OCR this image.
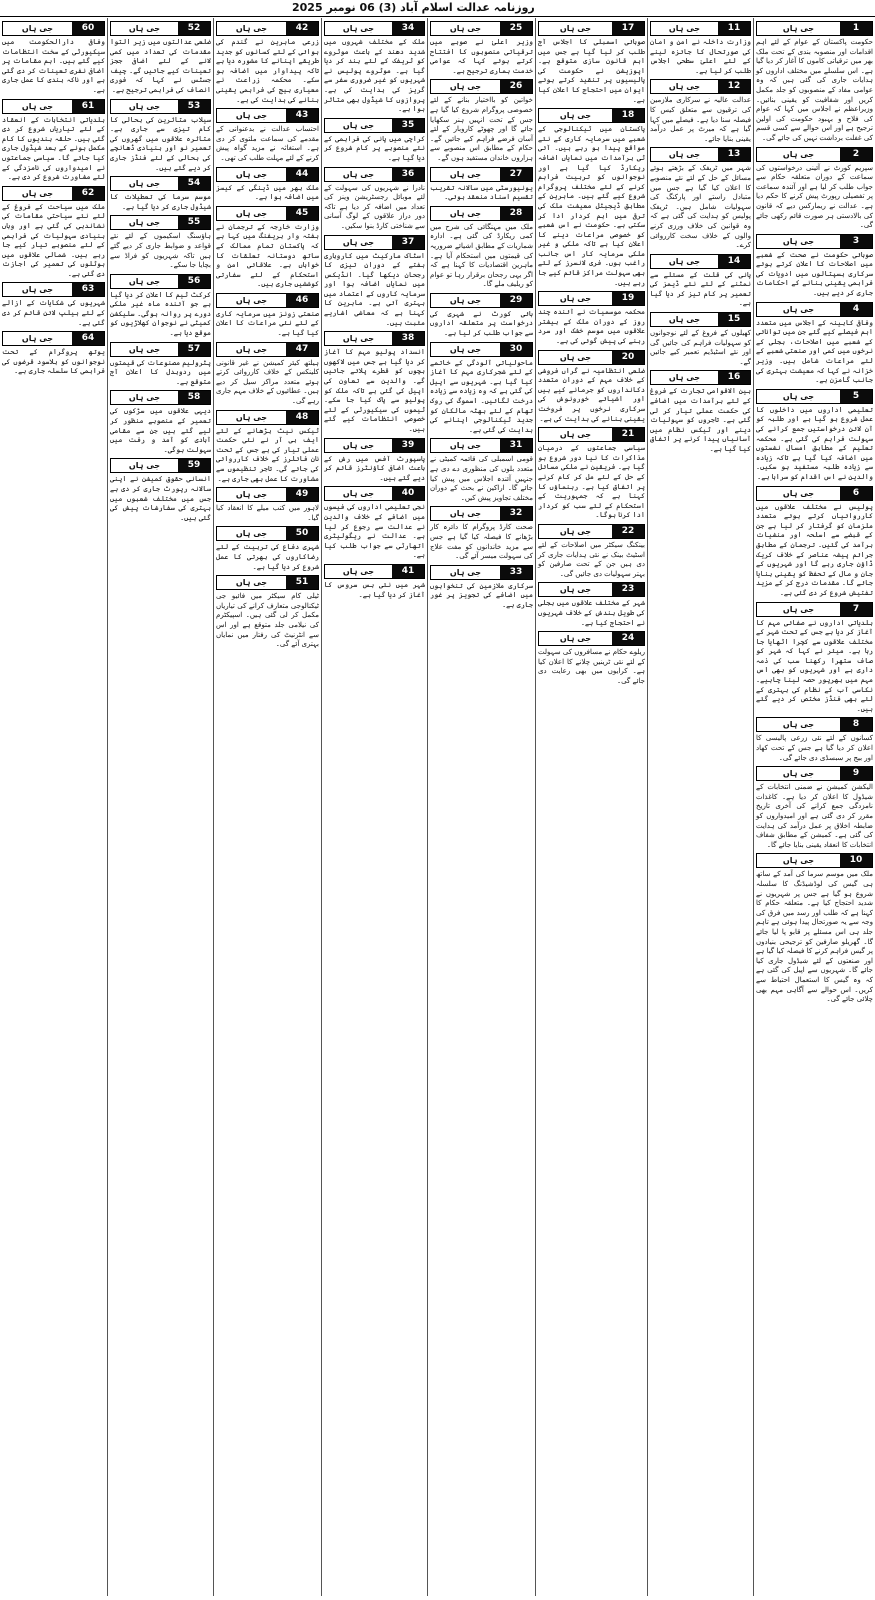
روزنامہ عدالت اسلام آباد (3) 06 نومبر 2025
1
جی ہاں
حکومت پاکستان کے عوام کے لئے اہم اقدامات اور منصوبہ بندی کے تحت ملک بھر میں ترقیاتی کاموں کا آغاز کر دیا گیا ہے۔ اس سلسلے میں مختلف اداروں کو ہدایات جاری کی گئی ہیں کہ وہ عوامی مفاد کے منصوبوں کو جلد مکمل کریں اور شفافیت کو یقینی بنائیں۔ وزیراعظم نے اجلاس میں کہا کہ عوام کی فلاح و بہبود حکومت کی اولین ترجیح ہے اور اس حوالے سے کسی قسم کی غفلت برداشت نہیں کی جائے گی۔
2
جی ہاں
سپریم کورٹ نے آئینی درخواستوں کی سماعت کے دوران متعلقہ حکام سے جواب طلب کر لیا ہے اور آئندہ سماعت پر تفصیلی رپورٹ پیش کرنے کا حکم دیا ہے۔ عدالت نے ریمارکس دیے کہ قانون کی بالادستی ہر صورت قائم رکھی جائے گی۔
3
جی ہاں
صوبائی حکومت نے صحت کے شعبے میں اصلاحات کا اعلان کرتے ہوئے سرکاری ہسپتالوں میں ادویات کی فراہمی یقینی بنانے کے احکامات جاری کر دیے ہیں۔
4
جی ہاں
وفاقی کابینہ کے اجلاس میں متعدد اہم فیصلے کیے گئے جن میں توانائی کے شعبے میں اصلاحات، بجلی کے نرخوں میں کمی اور صنعتی شعبے کے لئے مراعات شامل ہیں۔ وزیر خزانہ نے کہا کہ معیشت بہتری کی جانب گامزن ہے۔
5
جی ہاں
تعلیمی اداروں میں داخلوں کا عمل شروع ہو گیا ہے اور طلبہ کو آن لائن درخواستیں جمع کرانے کی سہولت فراہم کی گئی ہے۔ محکمہ تعلیم کے مطابق امسال نشستوں میں اضافہ کیا گیا ہے تاکہ زیادہ سے زیادہ طلبہ مستفید ہو سکیں۔ والدین نے اس اقدام کو سراہا ہے۔
6
جی ہاں
پولیس نے مختلف علاقوں میں کارروائیاں کرتے ہوئے متعدد ملزمان کو گرفتار کر لیا ہے جن کے قبضے سے اسلحہ اور منشیات برآمد کی گئیں۔ ترجمان کے مطابق جرائم پیشہ عناصر کے خلاف کریک ڈاؤن جاری رہے گا اور شہریوں کے جان و مال کے تحفظ کو یقینی بنایا جائے گا۔ مقدمات درج کر کے مزید تفتیش شروع کر دی گئی ہے۔
7
جی ہاں
بلدیاتی اداروں نے صفائی مہم کا آغاز کر دیا ہے جس کے تحت شہر کے مختلف علاقوں سے کچرا اٹھایا جا رہا ہے۔ میئر نے کہا کہ شہر کو صاف ستھرا رکھنا سب کی ذمہ داری ہے اور شہریوں کو بھی اس مہم میں بھرپور حصہ لینا چاہیے۔ نکاسی آب کے نظام کی بہتری کے لئے بھی فنڈز مختص کر دیے گئے ہیں۔
8
جی ہاں
کسانوں کے لئے نئی زرعی پالیسی کا اعلان کر دیا گیا ہے جس کے تحت کھاد اور بیج پر سبسڈی دی جائے گی۔
9
جی ہاں
الیکشن کمیشن نے ضمنی انتخابات کے شیڈول کا اعلان کر دیا ہے۔ کاغذات نامزدگی جمع کرانے کی آخری تاریخ مقرر کر دی گئی ہے اور امیدواروں کو ضابطہ اخلاق پر عمل درآمد کی ہدایت کی گئی ہے۔ کمیشن کے مطابق شفاف انتخابات کا انعقاد یقینی بنایا جائے گا۔
10
جی ہاں
ملک میں موسم سرما کی آمد کے ساتھ ہی گیس کی لوڈشیڈنگ کا سلسلہ شروع ہو گیا ہے جس پر شہریوں نے شدید احتجاج کیا ہے۔ متعلقہ حکام کا کہنا ہے کہ طلب اور رسد میں فرق کی وجہ سے یہ صورتحال پیدا ہوئی ہے تاہم جلد ہی اس مسئلے پر قابو پا لیا جائے گا۔ گھریلو صارفین کو ترجیحی بنیادوں پر گیس فراہم کرنے کا فیصلہ کیا گیا ہے اور صنعتوں کے لئے شیڈول جاری کیا جائے گا۔ شہریوں سے اپیل کی گئی ہے کہ وہ گیس کا استعمال احتیاط سے کریں۔ اس حوالے سے آگاہی مہم بھی چلائی جائے گی۔
11
جی ہاں
وزارت داخلہ نے امن و امان کی صورتحال کا جائزہ لینے کے لئے اعلیٰ سطحی اجلاس طلب کر لیا ہے۔
12
جی ہاں
عدالت عالیہ نے سرکاری ملازمین کی ترقیوں سے متعلق کیس کا فیصلہ سنا دیا ہے۔ فیصلے میں کہا گیا ہے کہ میرٹ پر عمل درآمد یقینی بنایا جائے۔
13
جی ہاں
شہر میں ٹریفک کے بڑھتے ہوئے مسائل کے حل کے لئے نئے منصوبے کا اعلان کیا گیا ہے جس میں متبادل راستے اور پارکنگ کی سہولیات شامل ہیں۔ ٹریفک پولیس کو ہدایت کی گئی ہے کہ وہ قوانین کی خلاف ورزی کرنے والوں کے خلاف سخت کارروائی کرے۔
14
جی ہاں
پانی کی قلت کے مسئلے سے نمٹنے کے لئے نئے ڈیمز کی تعمیر پر کام تیز کر دیا گیا ہے۔
15
جی ہاں
کھیلوں کے فروغ کے لئے نوجوانوں کو سہولیات فراہم کی جائیں گی اور نئے اسٹیڈیم تعمیر کیے جائیں گے۔
16
جی ہاں
بین الاقوامی تجارت کے فروغ کے لئے برآمدات میں اضافے کی حکمت عملی تیار کر لی گئی ہے۔ تاجروں کو سہولیات دینے اور ٹیکس نظام میں آسانیاں پیدا کرنے پر اتفاق کیا گیا ہے۔
17
جی ہاں
صوبائی اسمبلی کا اجلاس آج طلب کر لیا گیا ہے جس میں اہم قانون سازی متوقع ہے۔ اپوزیشن نے حکومت کی پالیسیوں پر تنقید کرتے ہوئے ایوان میں احتجاج کا اعلان کیا ہے۔
18
جی ہاں
پاکستان میں ٹیکنالوجی کے شعبے میں سرمایہ کاری کے نئے مواقع پیدا ہو رہے ہیں۔ آئی ٹی برآمدات میں نمایاں اضافہ ریکارڈ کیا گیا ہے اور نوجوانوں کو تربیت فراہم کرنے کے لئے مختلف پروگرام شروع کیے گئے ہیں۔ ماہرین کے مطابق ڈیجیٹل معیشت ملک کی ترقی میں اہم کردار ادا کر سکتی ہے۔ حکومت نے اس شعبے کو خصوصی مراعات دینے کا اعلان کیا ہے تاکہ ملکی و غیر ملکی سرمایہ کار اس جانب راغب ہوں۔ فری لانسرز کے لئے بھی سہولت مراکز قائم کیے جا رہے ہیں۔
19
جی ہاں
محکمہ موسمیات نے آئندہ چند روز کے دوران ملک کے بیشتر علاقوں میں موسم خشک اور سرد رہنے کی پیش گوئی کی ہے۔
20
جی ہاں
ضلعی انتظامیہ نے گراں فروشی کے خلاف مہم کے دوران متعدد دکانداروں کو جرمانے کیے ہیں اور اشیائے خورونوش کی سرکاری نرخوں پر فروخت یقینی بنانے کی ہدایت کی ہے۔
21
جی ہاں
سیاسی جماعتوں کے درمیان مذاکرات کا نیا دور شروع ہو گیا ہے۔ فریقین نے ملکی مسائل کے حل کے لئے مل کر کام کرنے پر اتفاق کیا ہے۔ رہنماؤں کا کہنا ہے کہ جمہوریت کے استحکام کے لئے سب کو کردار ادا کرنا ہوگا۔
22
جی ہاں
بینکنگ سیکٹر میں اصلاحات کے لئے اسٹیٹ بینک نے نئی ہدایات جاری کر دی ہیں جن کے تحت صارفین کو بہتر سہولیات دی جائیں گی۔
23
جی ہاں
شہر کے مختلف علاقوں میں بجلی کی طویل بندش کے خلاف شہریوں نے احتجاج کیا ہے۔
24
جی ہاں
ریلوے حکام نے مسافروں کی سہولت کے لئے نئی ٹرینیں چلانے کا اعلان کیا ہے۔ کرایوں میں بھی رعایت دی جائے گی۔
25
جی ہاں
وزیر اعلیٰ نے صوبے میں ترقیاتی منصوبوں کا افتتاح کرتے ہوئے کہا کہ عوامی خدمت ہماری ترجیح ہے۔
26
جی ہاں
خواتین کو بااختیار بنانے کے لئے خصوصی پروگرام شروع کیا گیا ہے جس کے تحت انہیں ہنر سکھایا جائے گا اور چھوٹے کاروبار کے لئے آسان قرضے فراہم کیے جائیں گے۔ حکام کے مطابق اس منصوبے سے ہزاروں خاندان مستفید ہوں گے۔
27
جی ہاں
یونیورسٹی میں سالانہ تقریب تقسیم اسناد منعقد ہوئی۔
28
جی ہاں
ملک میں مہنگائی کی شرح میں کمی ریکارڈ کی گئی ہے۔ ادارہ شماریات کے مطابق اشیائے ضروریہ کی قیمتوں میں استحکام آیا ہے۔ ماہرین اقتصادیات کا کہنا ہے کہ اگر یہی رجحان برقرار رہا تو عوام کو ریلیف ملے گا۔
29
جی ہاں
ہائی کورٹ نے شہری کی درخواست پر متعلقہ اداروں سے جواب طلب کر لیا ہے۔
30
جی ہاں
ماحولیاتی آلودگی کے خاتمے کے لئے شجرکاری مہم کا آغاز کیا گیا ہے۔ شہریوں سے اپیل کی گئی ہے کہ وہ زیادہ سے زیادہ درخت لگائیں۔ اسموگ کی روک تھام کے لئے بھٹہ مالکان کو جدید ٹیکنالوجی اپنانے کی ہدایت کی گئی ہے۔
31
جی ہاں
قومی اسمبلی کی قائمہ کمیٹی نے متعدد بلوں کی منظوری دے دی ہے جنہیں آئندہ اجلاس میں پیش کیا جائے گا۔ اراکین نے بحث کے دوران مختلف تجاویز پیش کیں۔
32
جی ہاں
صحت کارڈ پروگرام کا دائرہ کار بڑھانے کا فیصلہ کیا گیا ہے جس سے مزید خاندانوں کو مفت علاج کی سہولت میسر آئے گی۔
33
جی ہاں
سرکاری ملازمین کی تنخواہوں میں اضافے کی تجویز پر غور جاری ہے۔
34
جی ہاں
ملک کے مختلف شہروں میں شدید دھند کے باعث موٹروے کو ٹریفک کے لئے بند کر دیا گیا ہے۔ موٹروے پولیس نے شہریوں کو غیر ضروری سفر سے گریز کی ہدایت کی ہے۔ پروازوں کا شیڈول بھی متاثر ہوا ہے۔
35
جی ہاں
کراچی میں پانی کی فراہمی کے نئے منصوبے پر کام شروع کر دیا گیا ہے۔
36
جی ہاں
نادرا نے شہریوں کی سہولت کے لئے موبائل رجسٹریشن وینز کی تعداد میں اضافہ کر دیا ہے تاکہ دور دراز علاقوں کے لوگ آسانی سے شناختی کارڈ بنوا سکیں۔
37
جی ہاں
اسٹاک مارکیٹ میں کاروباری ہفتے کے دوران تیزی کا رجحان دیکھا گیا۔ انڈیکس میں نمایاں اضافہ ہوا اور سرمایہ کاروں کے اعتماد میں بہتری آئی ہے۔ ماہرین کا کہنا ہے کہ معاشی اشاریے مثبت ہیں۔
38
جی ہاں
انسداد پولیو مہم کا آغاز کر دیا گیا ہے جس میں لاکھوں بچوں کو قطرے پلائے جائیں گے۔ والدین سے تعاون کی اپیل کی گئی ہے تاکہ ملک کو پولیو سے پاک کیا جا سکے۔ ٹیموں کی سیکیورٹی کے لئے خصوصی انتظامات کیے گئے ہیں۔
39
جی ہاں
پاسپورٹ آفس میں رش کے باعث اضافی کاؤنٹرز قائم کر دیے گئے ہیں۔
40
جی ہاں
نجی تعلیمی اداروں کی فیسوں میں اضافے کے خلاف والدین نے عدالت سے رجوع کر لیا ہے۔ عدالت نے ریگولیٹری اتھارٹی سے جواب طلب کیا ہے۔
41
جی ہاں
شہر میں نئی بس سروس کا آغاز کر دیا گیا ہے۔
42
جی ہاں
زرعی ماہرین نے گندم کی بوائی کے لئے کسانوں کو جدید طریقے اپنانے کا مشورہ دیا ہے تاکہ پیداوار میں اضافہ ہو سکے۔ محکمہ زراعت نے معیاری بیج کی فراہمی یقینی بنانے کی ہدایت کی ہے۔
43
جی ہاں
احتساب عدالت نے بدعنوانی کے مقدمے کی سماعت ملتوی کر دی ہے۔ استغاثہ نے مزید گواہ پیش کرنے کے لئے مہلت طلب کی تھی۔
44
جی ہاں
ملک بھر میں ڈینگی کے کیسز میں اضافہ ہوا ہے۔
45
جی ہاں
وزارت خارجہ کے ترجمان نے ہفتہ وار بریفنگ میں کہا ہے کہ پاکستان تمام ممالک کے ساتھ دوستانہ تعلقات کا خواہاں ہے۔ علاقائی امن و استحکام کے لئے سفارتی کوششیں جاری ہیں۔
46
جی ہاں
صنعتی زونز میں سرمایہ کاری کے لئے نئی مراعات کا اعلان کیا گیا ہے۔
47
جی ہاں
ہیلتھ کیئر کمیشن نے غیر قانونی کلینکس کے خلاف کارروائی کرتے ہوئے متعدد مراکز سیل کر دیے ہیں۔ عطائیوں کے خلاف مہم جاری رہے گی۔
48
جی ہاں
ٹیکس نیٹ بڑھانے کے لئے ایف بی آر نے نئی حکمت عملی تیار کی ہے جس کے تحت نان فائلرز کے خلاف کارروائی کی جائے گی۔ تاجر تنظیموں سے مشاورت کا عمل بھی جاری ہے۔
49
جی ہاں
لاہور میں کتب میلے کا انعقاد کیا گیا۔
50
جی ہاں
شہری دفاع کی تربیت کے لئے رضاکاروں کی بھرتی کا عمل شروع کر دیا گیا ہے۔
51
جی ہاں
ٹیلی کام سیکٹر میں فائیو جی ٹیکنالوجی متعارف کرانے کی تیاریاں مکمل کر لی گئی ہیں۔ اسپیکٹرم کی نیلامی جلد متوقع ہے اور اس سے انٹرنیٹ کی رفتار میں نمایاں بہتری آئے گی۔
52
جی ہاں
ضلعی عدالتوں میں زیر التوا مقدمات کی تعداد میں کمی لانے کے لئے اضافی ججز تعینات کیے جائیں گے۔ چیف جسٹس نے کہا کہ فوری انصاف کی فراہمی ترجیح ہے۔
53
جی ہاں
سیلاب متاثرین کی بحالی کا کام تیزی سے جاری ہے۔ متاثرہ علاقوں میں گھروں کی تعمیر نو اور بنیادی ڈھانچے کی بحالی کے لئے فنڈز جاری کر دیے گئے ہیں۔
54
جی ہاں
موسم سرما کی تعطیلات کا شیڈول جاری کر دیا گیا ہے۔
55
جی ہاں
ہاؤسنگ اسکیموں کے لئے نئے قواعد و ضوابط جاری کر دیے گئے ہیں تاکہ شہریوں کو فراڈ سے بچایا جا سکے۔
56
جی ہاں
کرکٹ ٹیم کا اعلان کر دیا گیا ہے جو آئندہ ماہ غیر ملکی دورے پر روانہ ہوگی۔ سلیکشن کمیٹی نے نوجوان کھلاڑیوں کو موقع دیا ہے۔
57
جی ہاں
پٹرولیم مصنوعات کی قیمتوں میں ردوبدل کا اعلان آج متوقع ہے۔
58
جی ہاں
دیہی علاقوں میں سڑکوں کی تعمیر کے منصوبے منظور کر لیے گئے ہیں جن سے مقامی آبادی کو آمد و رفت میں سہولت ہوگی۔
59
جی ہاں
انسانی حقوق کمیشن نے اپنی سالانہ رپورٹ جاری کر دی ہے جس میں مختلف شعبوں میں بہتری کی سفارشات پیش کی گئی ہیں۔
60
جی ہاں
وفاقی دارالحکومت میں سیکیورٹی کے سخت انتظامات کیے گئے ہیں۔ اہم مقامات پر اضافی نفری تعینات کر دی گئی ہے اور ناکہ بندی کا عمل جاری ہے۔
61
جی ہاں
بلدیاتی انتخابات کے انعقاد کے لئے تیاریاں شروع کر دی گئی ہیں۔ حلقہ بندیوں کا کام مکمل ہونے کے بعد شیڈول جاری کیا جائے گا۔ سیاسی جماعتوں نے امیدواروں کی نامزدگی کے لئے مشاورت شروع کر دی ہے۔
62
جی ہاں
ملک میں سیاحت کے فروغ کے لئے نئے سیاحتی مقامات کی نشاندہی کی گئی ہے اور وہاں بنیادی سہولیات کی فراہمی کے لئے منصوبے تیار کیے جا رہے ہیں۔ شمالی علاقوں میں ہوٹلوں کی تعمیر کی اجازت دی گئی ہے۔
63
جی ہاں
شہریوں کی شکایات کے ازالے کے لئے ہیلپ لائن قائم کر دی گئی ہے۔
64
جی ہاں
یوتھ پروگرام کے تحت نوجوانوں کو بلاسود قرضوں کی فراہمی کا سلسلہ جاری ہے۔
